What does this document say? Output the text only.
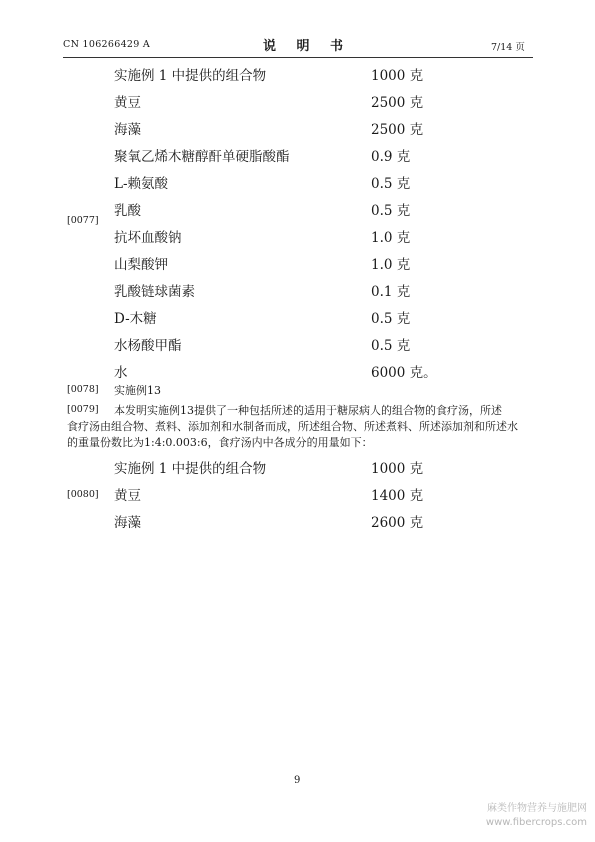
CN 106266429 A	说 明 书	7/14 页
[0077]
实施例 1 中提供的组合物	1000 克
黄豆	2500 克
海藻	2500 克
聚氧乙烯木糖醇酐单硬脂酸酯	0.9 克
L-赖氨酸	0.5 克
乳酸	0.5 克
抗坏血酸钠	1.0 克
山梨酸钾	1.0 克
乳酸链球菌素	0.1 克
D-木糖	0.5 克
水杨酸甲酯	0.5 克
水	6000 克。
[0078] 实施例13
[0079] 本发明实施例13提供了一种包括所述的适用于糖尿病人的组合物的食疗汤，所述
食疗汤由组合物、煮料、添加剂和水制备而成，所述组合物、所述煮料、所述添加剂和所述水
的重量份数比为1:4:0.003:6，食疗汤内中各成分的用量如下：
[0080]
实施例 1 中提供的组合物	1000 克
黄豆	1400 克
海藻	2600 克
9
麻类作物营养与施肥网
www.fibercrops.com
